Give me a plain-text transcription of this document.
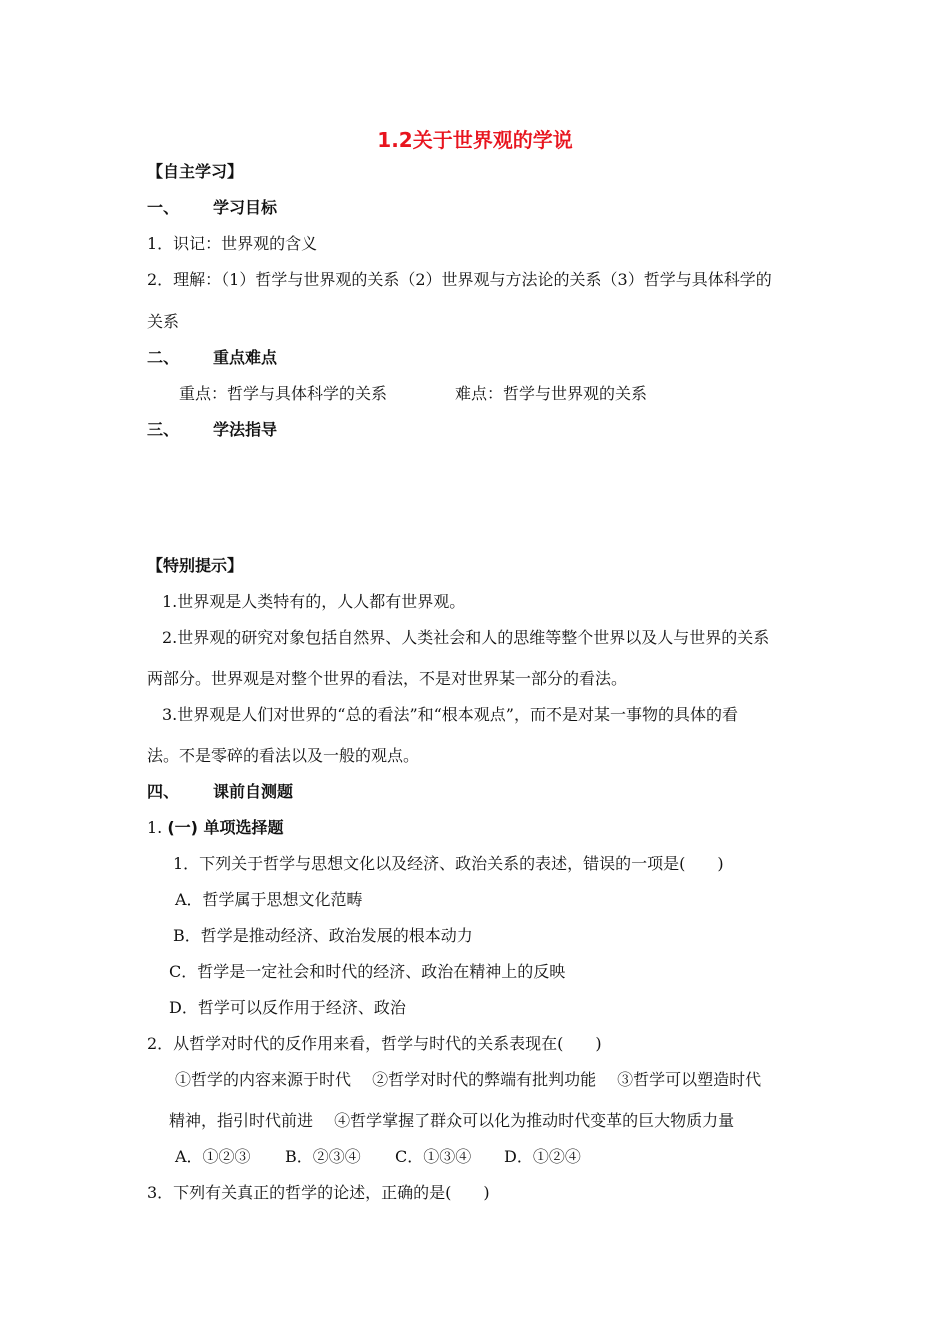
1.2关于世界观的学说
【自主学习】
一、 学习目标
1．识记：世界观的含义
2．理解：（1）哲学与世界观的关系（2）世界观与方法论的关系（3）哲学与具体科学的
关系
二、 重点难点
重点：哲学与具体科学的关系	难点：哲学与世界观的关系
三、 学法指导
【特别提示】
1.世界观是人类特有的，人人都有世界观。
2.世界观的研究对象包括自然界、人类社会和人的思维等整个世界以及人与世界的关系
两部分。世界观是对整个世界的看法，不是对世界某一部分的看法。
3.世界观是人们对世界的“总的看法”和“根本观点”，而不是对某一事物的具体的看
法。不是零碎的看法以及一般的观点。
四、 课前自测题
1. (一) 单项选择题
1．下列关于哲学与思想文化以及经济、政治关系的表述，错误的一项是(　　)
A．哲学属于思想文化范畴
B．哲学是推动经济、政治发展的根本动力
C．哲学是一定社会和时代的经济、政治在精神上的反映
D．哲学可以反作用于经济、政治
2．从哲学对时代的反作用来看，哲学与时代的关系表现在(　　)
①哲学的内容来源于时代　 ②哲学对时代的弊端有批判功能　 ③哲学可以塑造时代
精神，指引时代前进　 ④哲学掌握了群众可以化为推动时代变革的巨大物质力量
A．①②③ B．②③④ C．①③④ D．①②④
3．下列有关真正的哲学的论述，正确的是(　　)
